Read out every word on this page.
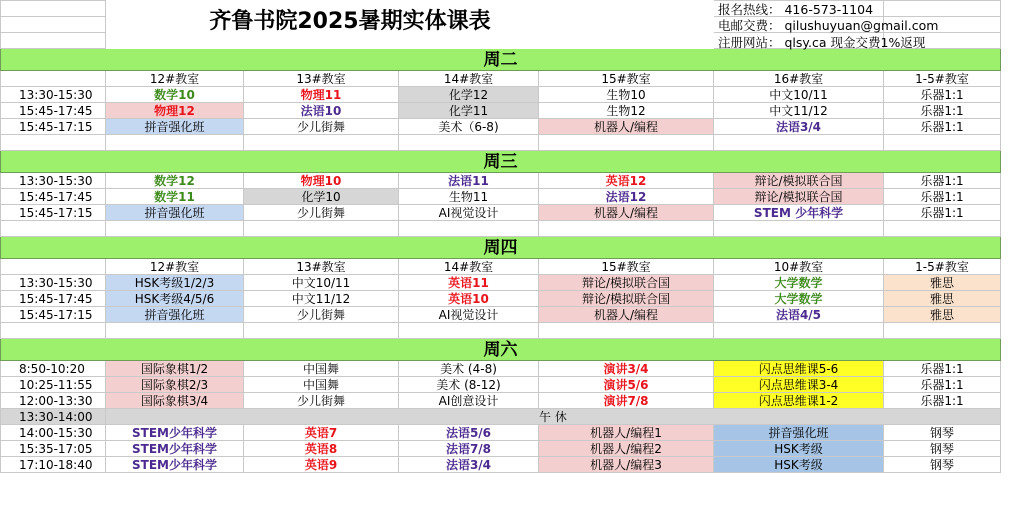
周二						
	12#教室	13#教室	14#教室	15#教室	16#教室	1-5#教室
13:30-15:30	数学10	物理11	化学12	生物10	中文10/11	乐器1:1
15:45-17:45	物理12	法语10	化学11	生物12	中文11/12	乐器1:1
15:45-17:15	拼音强化班	少儿街舞	美术（6-8)	机器人/编程	法语3/4	乐器1:1

周三						
13:30-15:30	数学12	物理10	法语11	英语12	辩论/模拟联合国	乐器1:1
15:45-17:45	数学11	化学10	生物11	法语12	辩论/模拟联合国	乐器1:1
15:45-17:15	拼音强化班	少儿街舞	AI视觉设计	机器人/编程	STEM 少年科学	乐器1:1

周四						
	12#教室	13#教室	14#教室	15#教室	10#教室	1-5#教室
13:30-15:30	HSK考级1/2/3	中文10/11	英语11	辩论/模拟联合国	大学数学	雅思
15:45-17:45	HSK考级4/5/6	中文11/12	英语10	辩论/模拟联合国	大学数学	雅思
15:45-17:15	拼音强化班	少儿街舞	AI视觉设计	机器人/编程	法语4/5	雅思

周六						
8:50-10:20	国际象棋1/2	中国舞	美术 (4-8)	演讲3/4	闪点思维课5-6	乐器1:1
10:25-11:55	国际象棋2/3	中国舞	美术 (8-12)	演讲5/6	闪点思维课3-4	乐器1:1
12:00-13:30	国际象棋3/4	少儿街舞	AI创意设计	演讲7/8	闪点思维课1-2	乐器1:1
13:30-14:00	午 休					
14:00-15:30	STEM少年科学	英语7	法语5/6	机器人/编程1	拼音强化班	钢琴
15:35-17:05	STEM少年科学	英语8	法语7/8	机器人/编程2	HSK考级	钢琴
17:10-18:40	STEM少年科学	英语9	法语3/4	机器人/编程3	HSK考级	钢琴
齐鲁书院2025暑期实体课表	报名热线： 416-573-1104
电邮交费： qilushuyuan@gmail.com
注册网站： qlsy.ca 现金交费1%返现
